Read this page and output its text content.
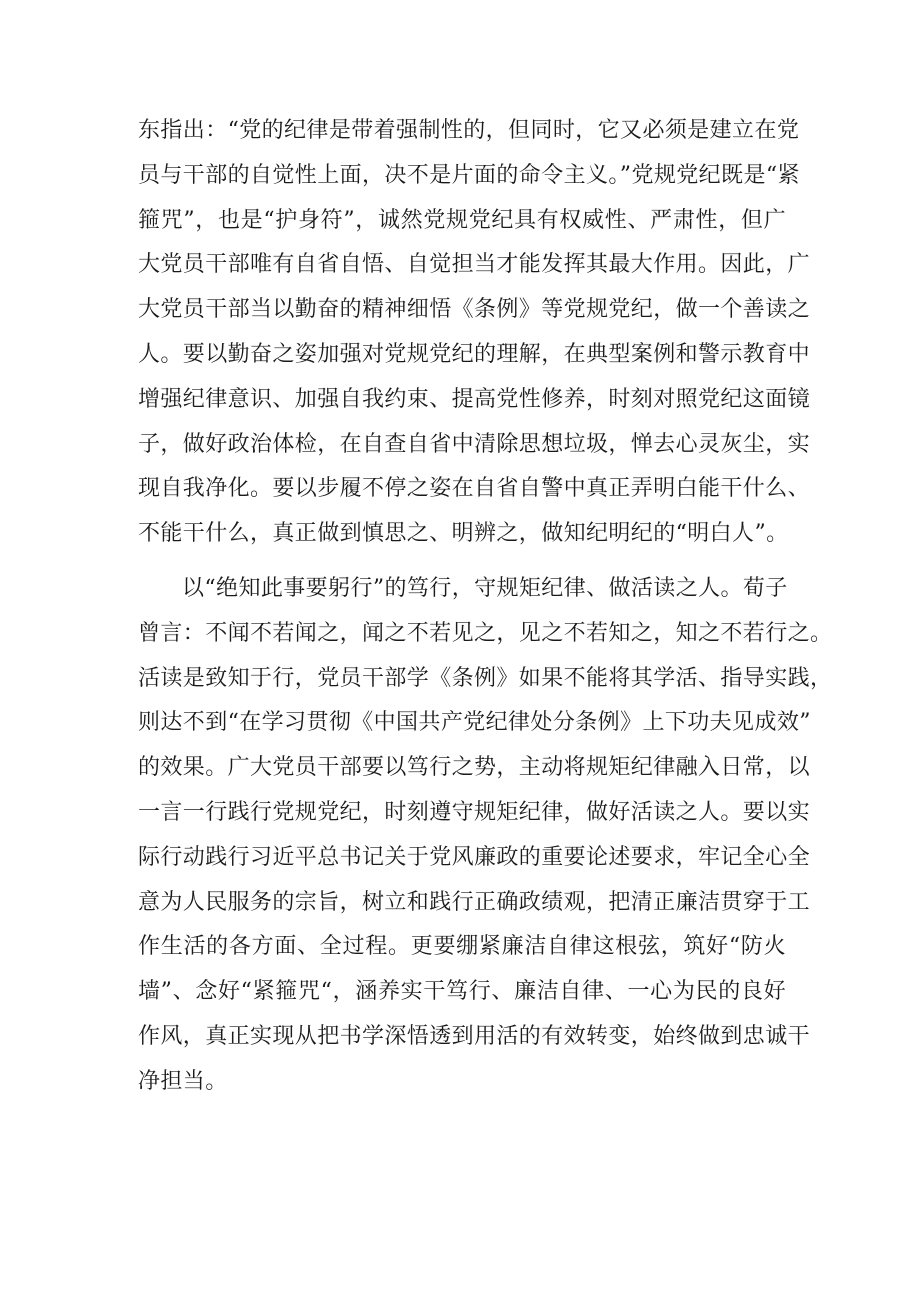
东指出：“党的纪律是带着强制性的，但同时，它又必须是建立在党
员与干部的自觉性上面，决不是片面的命令主义。”党规党纪既是“紧
箍咒”，也是“护身符”，诚然党规党纪具有权威性、严肃性，但广
大党员干部唯有自省自悟、自觉担当才能发挥其最大作用。因此，广
大党员干部当以勤奋的精神细悟《条例》等党规党纪，做一个善读之
人。要以勤奋之姿加强对党规党纪的理解，在典型案例和警示教育中
增强纪律意识、加强自我约束、提高党性修养，时刻对照党纪这面镜
子，做好政治体检，在自查自省中清除思想垃圾，惮去心灵灰尘，实
现自我净化。要以步履不停之姿在自省自警中真正弄明白能干什么、
不能干什么，真正做到慎思之、明辨之，做知纪明纪的“明白人”。
以“绝知此事要躬行”的笃行，守规矩纪律、做活读之人。荀子
曾言：不闻不若闻之，闻之不若见之，见之不若知之，知之不若行之。
活读是致知于行，党员干部学《条例》如果不能将其学活、指导实践，
则达不到“在学习贯彻《中国共产党纪律处分条例》上下功夫见成效”
的效果。广大党员干部要以笃行之势，主动将规矩纪律融入日常，以
一言一行践行党规党纪，时刻遵守规矩纪律，做好活读之人。要以实
际行动践行习近平总书记关于党风廉政的重要论述要求，牢记全心全
意为人民服务的宗旨，树立和践行正确政绩观，把清正廉洁贯穿于工
作生活的各方面、全过程。更要绷紧廉洁自律这根弦，筑好“防火
墙”、念好“紧箍咒“，涵养实干笃行、廉洁自律、一心为民的良好
作风，真正实现从把书学深悟透到用活的有效转变，始终做到忠诚干
净担当。
